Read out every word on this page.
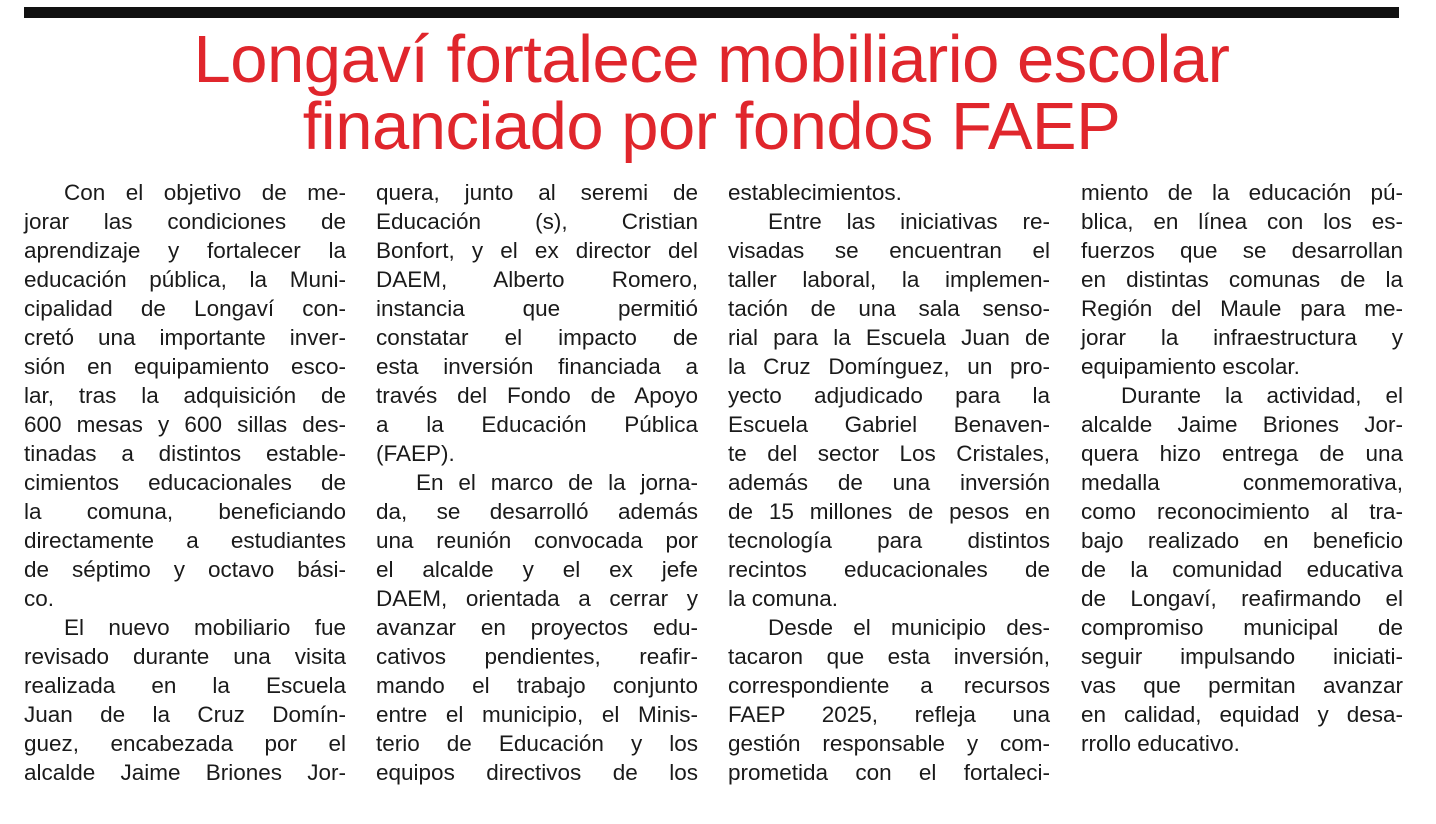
Longaví fortalece mobiliario escolar
financiado por fondos FAEP
Con el objetivo de me-
jorar las condiciones de
aprendizaje y fortalecer la
educación pública, la Muni-
cipalidad de Longaví con-
cretó una importante inver-
sión en equipamiento esco-
lar, tras la adquisición de
600 mesas y 600 sillas des-
tinadas a distintos estable-
cimientos educacionales de
la comuna, beneficiando
directamente a estudiantes
de séptimo y octavo bási-
co.
El nuevo mobiliario fue
revisado durante una visita
realizada en la Escuela
Juan de la Cruz Domín-
guez, encabezada por el
alcalde Jaime Briones Jor-
quera, junto al seremi de
Educación (s), Cristian
Bonfort, y el ex director del
DAEM, Alberto Romero,
instancia que permitió
constatar el impacto de
esta inversión financiada a
través del Fondo de Apoyo
a la Educación Pública
(FAEP).
En el marco de la jorna-
da, se desarrolló además
una reunión convocada por
el alcalde y el ex jefe
DAEM, orientada a cerrar y
avanzar en proyectos edu-
cativos pendientes, reafir-
mando el trabajo conjunto
entre el municipio, el Minis-
terio de Educación y los
equipos directivos de los
establecimientos.
Entre las iniciativas re-
visadas se encuentran el
taller laboral, la implemen-
tación de una sala senso-
rial para la Escuela Juan de
la Cruz Domínguez, un pro-
yecto adjudicado para la
Escuela Gabriel Benaven-
te del sector Los Cristales,
además de una inversión
de 15 millones de pesos en
tecnología para distintos
recintos educacionales de
la comuna.
Desde el municipio des-
tacaron que esta inversión,
correspondiente a recursos
FAEP 2025, refleja una
gestión responsable y com-
prometida con el fortaleci-
miento de la educación pú-
blica, en línea con los es-
fuerzos que se desarrollan
en distintas comunas de la
Región del Maule para me-
jorar la infraestructura y
equipamiento escolar.
Durante la actividad, el
alcalde Jaime Briones Jor-
quera hizo entrega de una
medalla conmemorativa,
como reconocimiento al tra-
bajo realizado en beneficio
de la comunidad educativa
de Longaví, reafirmando el
compromiso municipal de
seguir impulsando iniciati-
vas que permitan avanzar
en calidad, equidad y desa-
rrollo educativo.
